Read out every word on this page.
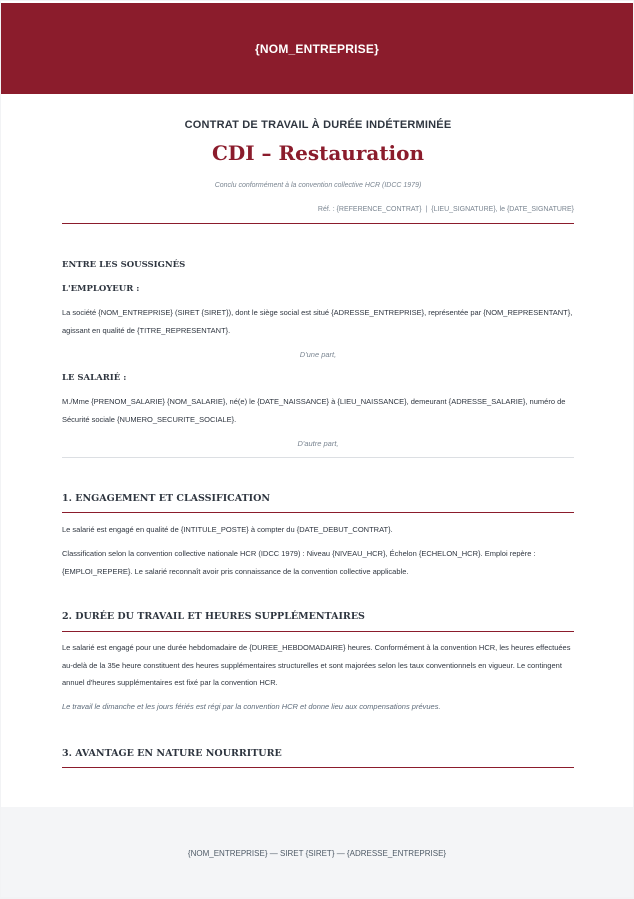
{NOM_ENTREPRISE}
CONTRAT DE TRAVAIL À DURÉE INDÉTERMINÉE
CDI – Restauration
Conclu conformément à la convention collective HCR (IDCC 1979)
Réf. : {REFERENCE_CONTRAT}  |  {LIEU_SIGNATURE}, le {DATE_SIGNATURE}
ENTRE LES SOUSSIGNÉS
L'EMPLOYEUR :
La société {NOM_ENTREPRISE} (SIRET {SIRET}), dont le siège social est situé {ADRESSE_ENTREPRISE}, représentée par {NOM_REPRESENTANT}, agissant en qualité de {TITRE_REPRESENTANT}.
D'une part,
LE SALARIÉ :
M./Mme {PRENOM_SALARIE} {NOM_SALARIE}, né(e) le {DATE_NAISSANCE} à {LIEU_NAISSANCE}, demeurant {ADRESSE_SALARIE}, numéro de Sécurité sociale {NUMERO_SECURITE_SOCIALE}.
D'autre part,
1. ENGAGEMENT ET CLASSIFICATION
Le salarié est engagé en qualité de {INTITULE_POSTE} à compter du {DATE_DEBUT_CONTRAT}.
Classification selon la convention collective nationale HCR (IDCC 1979) : Niveau {NIVEAU_HCR}, Échelon {ECHELON_HCR}. Emploi repère : {EMPLOI_REPERE}. Le salarié reconnaît avoir pris connaissance de la convention collective applicable.
2. DURÉE DU TRAVAIL ET HEURES SUPPLÉMENTAIRES
Le salarié est engagé pour une durée hebdomadaire de {DUREE_HEBDOMADAIRE} heures. Conformément à la convention HCR, les heures effectuées au-delà de la 35e heure constituent des heures supplémentaires structurelles et sont majorées selon les taux conventionnels en vigueur. Le contingent annuel d'heures supplémentaires est fixé par la convention HCR.
Le travail le dimanche et les jours fériés est régi par la convention HCR et donne lieu aux compensations prévues.
3. AVANTAGE EN NATURE NOURRITURE
{NOM_ENTREPRISE} — SIRET {SIRET} — {ADRESSE_ENTREPRISE}
